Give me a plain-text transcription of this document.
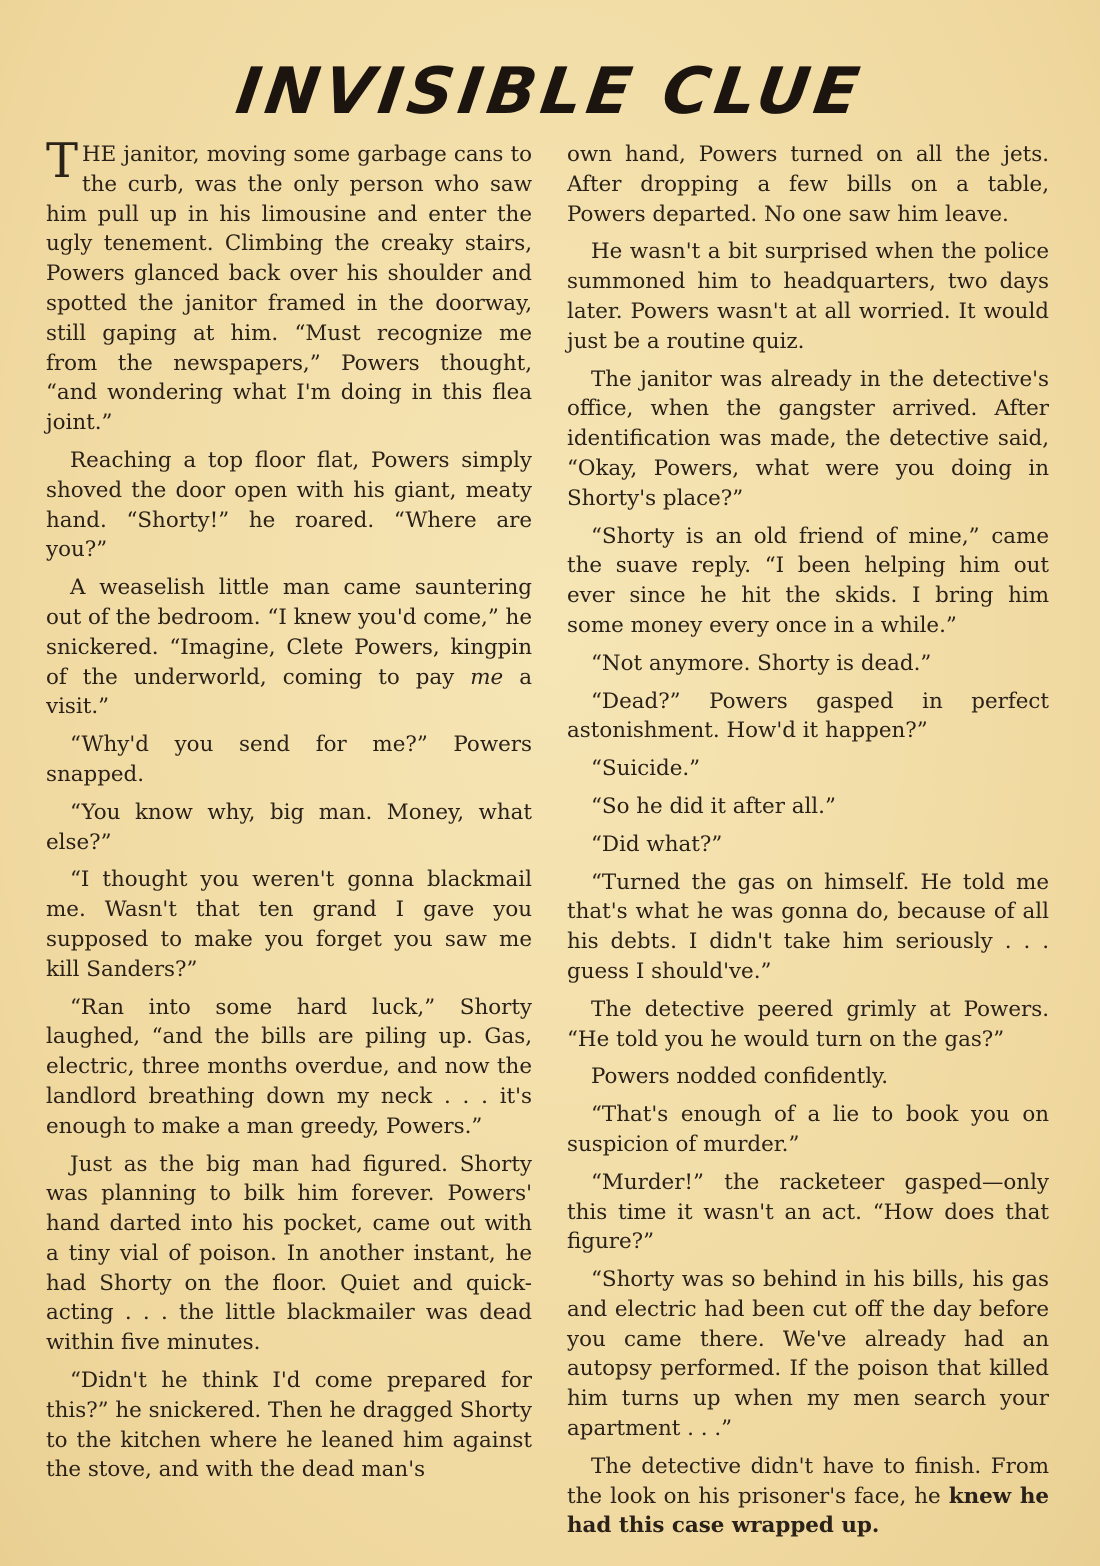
INVISIBLE CLUE

THE janitor, moving some garbage cans to the curb, was the only person who saw him pull up in his limousine and enter the ugly tenement. Climbing the creaky stairs, Powers glanced back over his shoulder and spotted the janitor framed in the doorway, still gaping at him. “Must recognize me from the newspapers,” Powers thought, “and wondering what I'm doing in this flea joint.”

Reaching a top floor flat, Powers simply shoved the door open with his giant, meaty hand. “Shorty!” he roared. “Where are you?”

A weaselish little man came sauntering out of the bedroom. “I knew you'd come,” he snickered. “Imagine, Clete Powers, kingpin of the underworld, coming to pay me a visit.”

“Why'd you send for me?” Powers snapped.

“You know why, big man. Money, what else?”

“I thought you weren't gonna blackmail me. Wasn't that ten grand I gave you supposed to make you forget you saw me kill Sanders?”

“Ran into some hard luck,” Shorty laughed, “and the bills are piling up. Gas, electric, three months overdue, and now the landlord breathing down my neck . . . it's enough to make a man greedy, Powers.”

Just as the big man had figured. Shorty was planning to bilk him forever. Powers' hand darted into his pocket, came out with a tiny vial of poison. In another instant, he had Shorty on the floor. Quiet and quick-acting . . . the little blackmailer was dead within five minutes.

“Didn't he think I'd come prepared for this?” he snickered. Then he dragged Shorty to the kitchen where he leaned him against the stove, and with the dead man's

own hand, Powers turned on all the jets. After dropping a few bills on a table, Powers departed. No one saw him leave.

He wasn't a bit surprised when the police summoned him to headquarters, two days later. Powers wasn't at all worried. It would just be a routine quiz.

The janitor was already in the detective's office, when the gangster arrived. After identification was made, the detective said, “Okay, Powers, what were you doing in Shorty's place?”

“Shorty is an old friend of mine,” came the suave reply. “I been helping him out ever since he hit the skids. I bring him some money every once in a while.”

“Not anymore. Shorty is dead.”

“Dead?” Powers gasped in perfect astonishment. How'd it happen?”

“Suicide.”

“So he did it after all.”

“Did what?”

“Turned the gas on himself. He told me that's what he was gonna do, because of all his debts. I didn't take him seriously . . . guess I should've.”

The detective peered grimly at Powers. “He told you he would turn on the gas?”

Powers nodded confidently.

“That's enough of a lie to book you on suspicion of murder.”

“Murder!” the racketeer gasped—only this time it wasn't an act. “How does that figure?”

“Shorty was so behind in his bills, his gas and electric had been cut off the day before you came there. We've already had an autopsy performed. If the poison that killed him turns up when my men search your apartment . . .”

The detective didn't have to finish. From the look on his prisoner's face, he knew he had this case wrapped up.
